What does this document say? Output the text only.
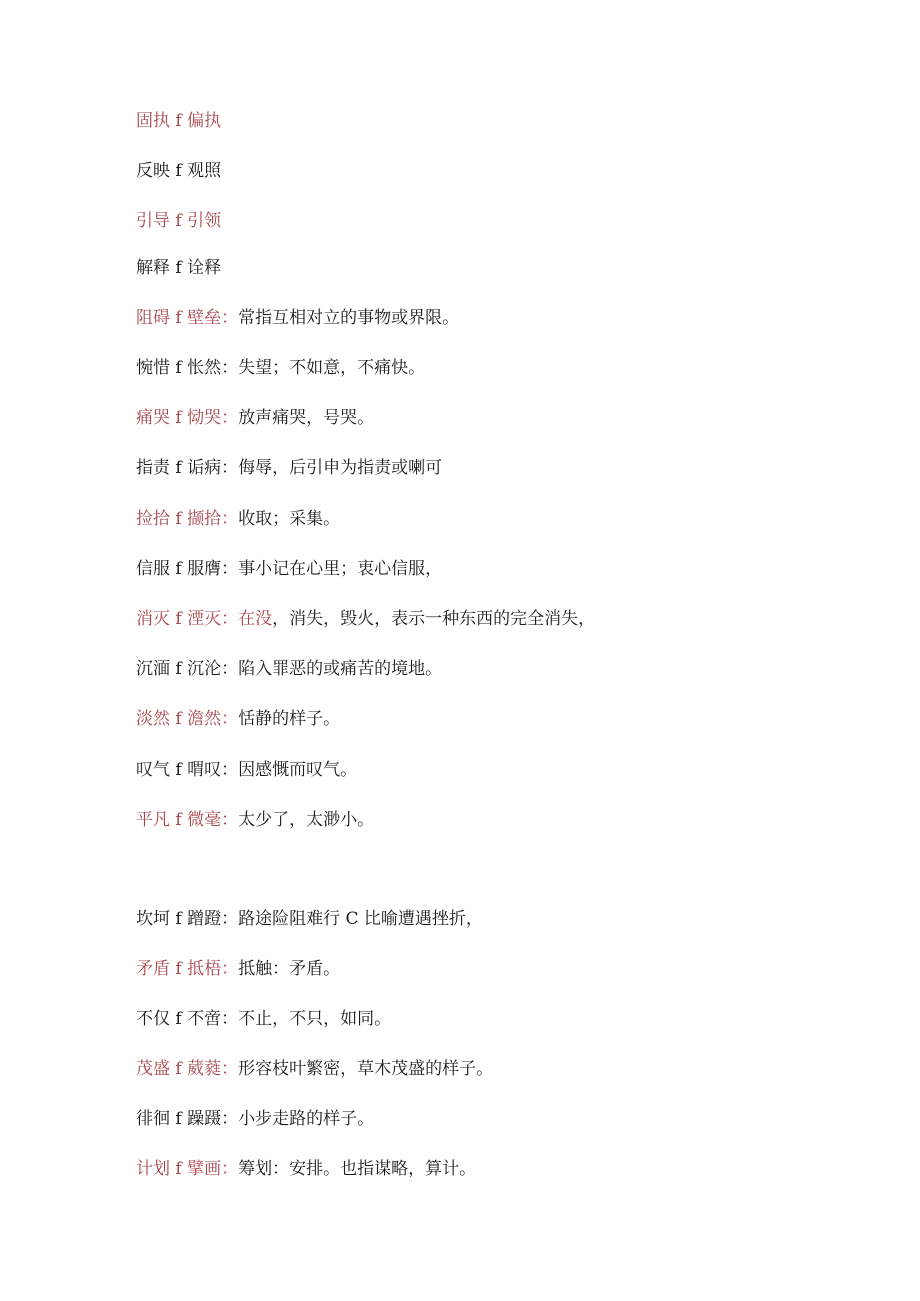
固执 f 偏执
反映 f 观照
引导 f 引领
解释 f 诠释
阻碍 f 壁垒：常指互相对立的事物或界限。
惋惜 f 怅然：失望；不如意，不痛快。
痛哭 f 恸哭：放声痛哭，号哭。
指责 f 诟病：侮辱，后引申为指责或喇可
捡拾 f 撷拾：收取；采集。
信服 f 服膺：事小记在心里；衷心信服，
消灭 f 湮灭：在没，消失，毁火，表示一种东西的完全消失，
沉湎 f 沉沦：陷入罪恶的或痛苦的境地。
淡然 f 澹然：恬静的样子。
叹气 f 喟叹：因感慨而叹气。
平凡 f 微毫：太少了，太渺小。
坎坷 f 蹭蹬：路途险阻难行 C 比喻遭遇挫折，
矛盾 f 抵梧：抵触：矛盾。
不仅 f 不啻：不止，不只，如同。
茂盛 f 葳蕤：形容枝叶繁密，草木茂盛的样子。
徘徊 f 躁蹑：小步走路的样子。
计划 f 擘画：筹划：安排。也指谋略，算计。
